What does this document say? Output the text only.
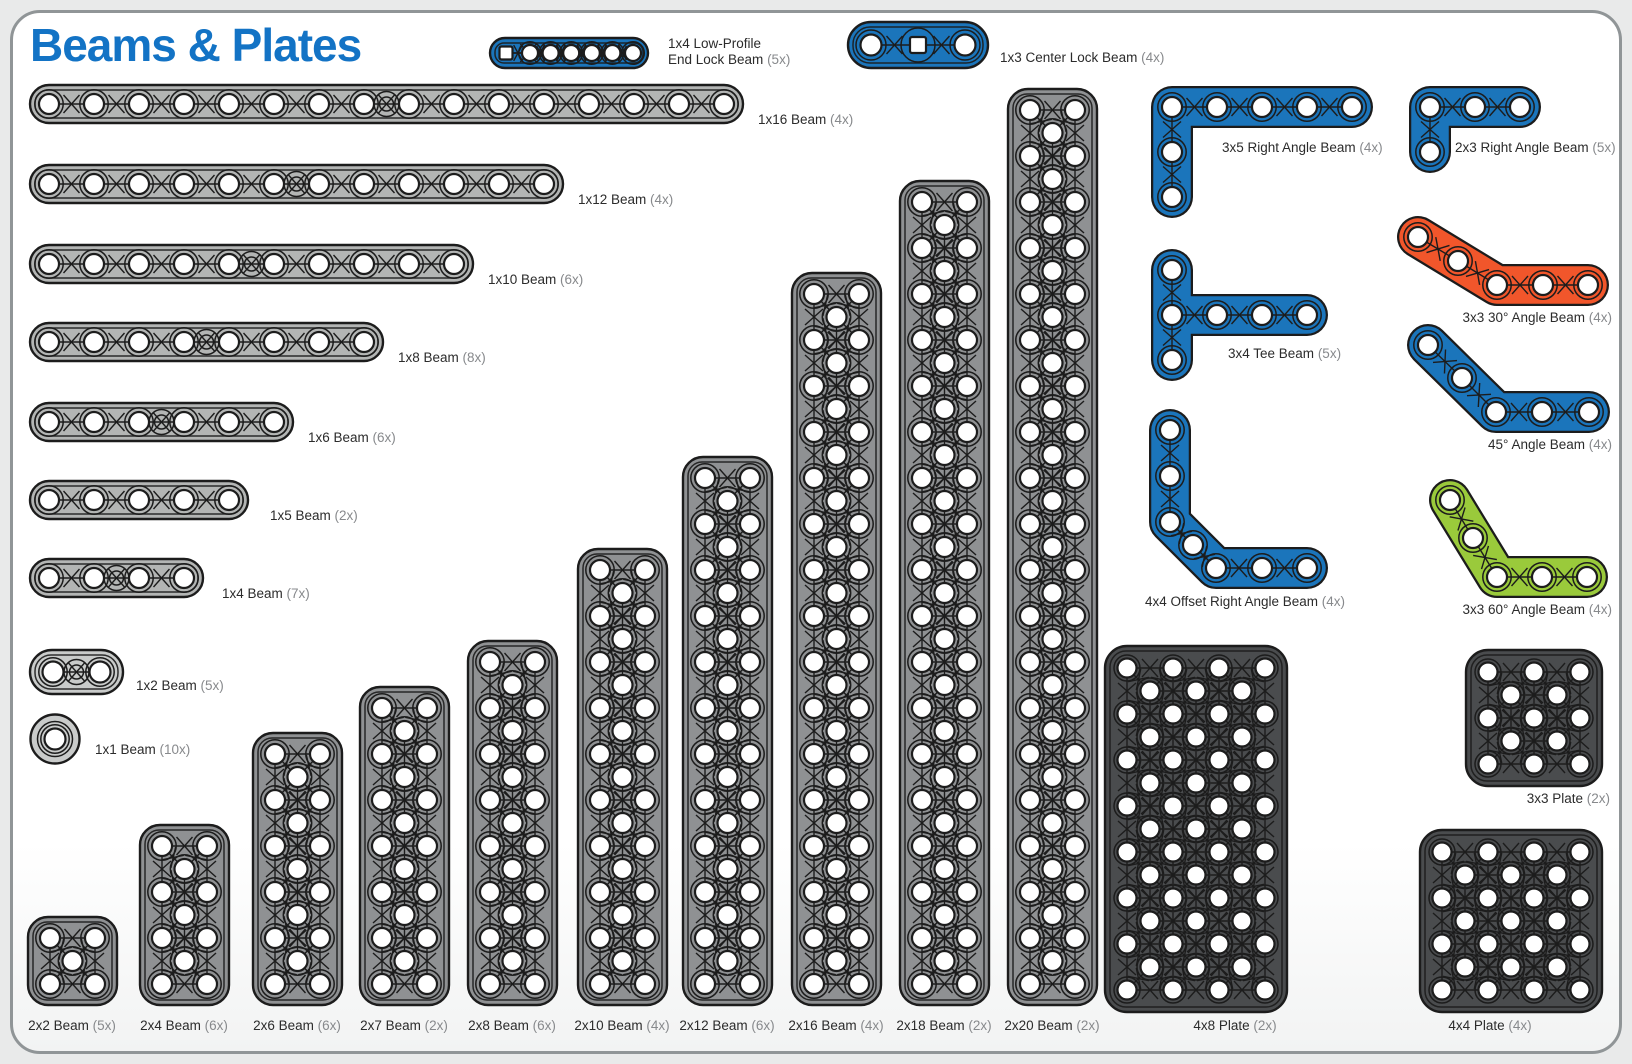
Beams & Plates	1x4 Low-Profile
End Lock Beam (5x)	1x3 Center Lock Beam (4x)
1x16 Beam (4x)
1x12 Beam (4x)
1x10 Beam (6x)
1x8 Beam (8x)
1x6 Beam (6x)
1x5 Beam (2x)
1x4 Beam (7x)
1x2 Beam (5x)
1x1 Beam (10x)
2x2 Beam (5x) 2x4 Beam (6x) 2x6 Beam (6x) 2x7 Beam (2x) 2x8 Beam (6x) 2x10 Beam (4x) 2x12 Beam (6x) 2x16 Beam (4x) 2x18 Beam (2x) 2x20 Beam (2x)
3x5 Right Angle Beam (4x)	2x3 Right Angle Beam (5x)
3x3 30° Angle Beam (4x)
3x4 Tee Beam (5x)
45° Angle Beam (4x)
4x4 Offset Right Angle Beam (4x)
3x3 60° Angle Beam (4x)
3x3 Plate (2x)
4x8 Plate (2x)	4x4 Plate (4x)
